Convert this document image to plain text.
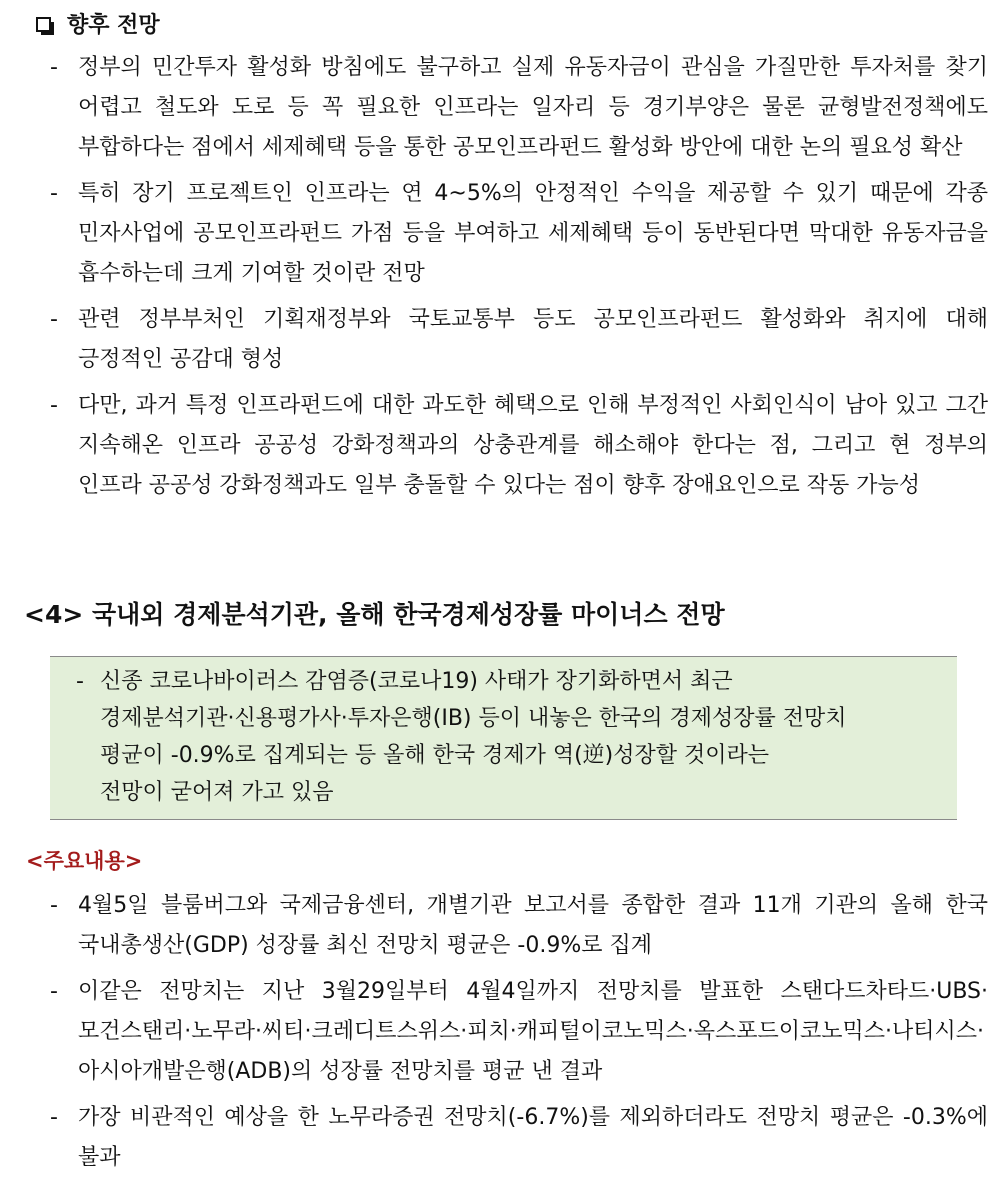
향후 전망
- 정부의 민간투자 활성화 방침에도 불구하고 실제 유동자금이 관심을 가질만한 투자처를 찾기 어렵고 철도와 도로 등 꼭 필요한 인프라는 일자리 등 경기부양은 물론 균형발전정책에도 부합하다는 점에서 세제혜택 등을 통한 공모인프라펀드 활성화 방안에 대한 논의 필요성 확산
- 특히 장기 프로젝트인 인프라는 연 4~5%의 안정적인 수익을 제공할 수 있기 때문에 각종 민자사업에 공모인프라펀드 가점 등을 부여하고 세제혜택 등이 동반된다면 막대한 유동자금을 흡수하는데 크게 기여할 것이란 전망
- 관련 정부부처인 기획재정부와 국토교통부 등도 공모인프라펀드 활성화와 취지에 대해 긍정적인 공감대 형성
- 다만, 과거 특정 인프라펀드에 대한 과도한 혜택으로 인해 부정적인 사회인식이 남아 있고 그간 지속해온 인프라 공공성 강화정책과의 상충관계를 해소해야 한다는 점, 그리고 현 정부의 인프라 공공성 강화정책과도 일부 충돌할 수 있다는 점이 향후 장애요인으로 작동 가능성
<4> 국내외 경제분석기관, 올해 한국경제성장률 마이너스 전망
- 신종 코로나바이러스 감염증(코로나19) 사태가 장기화하면서 최근
경제분석기관·신용평가사·투자은행(IB) 등이 내놓은 한국의 경제성장률 전망치
평균이 -0.9%로 집계되는 등 올해 한국 경제가 역(逆)성장할 것이라는
전망이 굳어져 가고 있음
<주요내용>
- 4월5일 블룸버그와 국제금융센터, 개별기관 보고서를 종합한 결과 11개 기관의 올해 한국 국내총생산(GDP) 성장률 최신 전망치 평균은 -0.9%로 집계
- 이같은 전망치는 지난 3월29일부터 4월4일까지 전망치를 발표한 스탠다드차타드·UBS·모건스탠리·노무라·씨티·크레디트스위스·피치·캐피털이코노믹스·옥스포드이코노믹스·나티시스·아시아개발은행(ADB)의 성장률 전망치를 평균 낸 결과
- 가장 비관적인 예상을 한 노무라증권 전망치(-6.7%)를 제외하더라도 전망치 평균은 -0.3%에 불과
